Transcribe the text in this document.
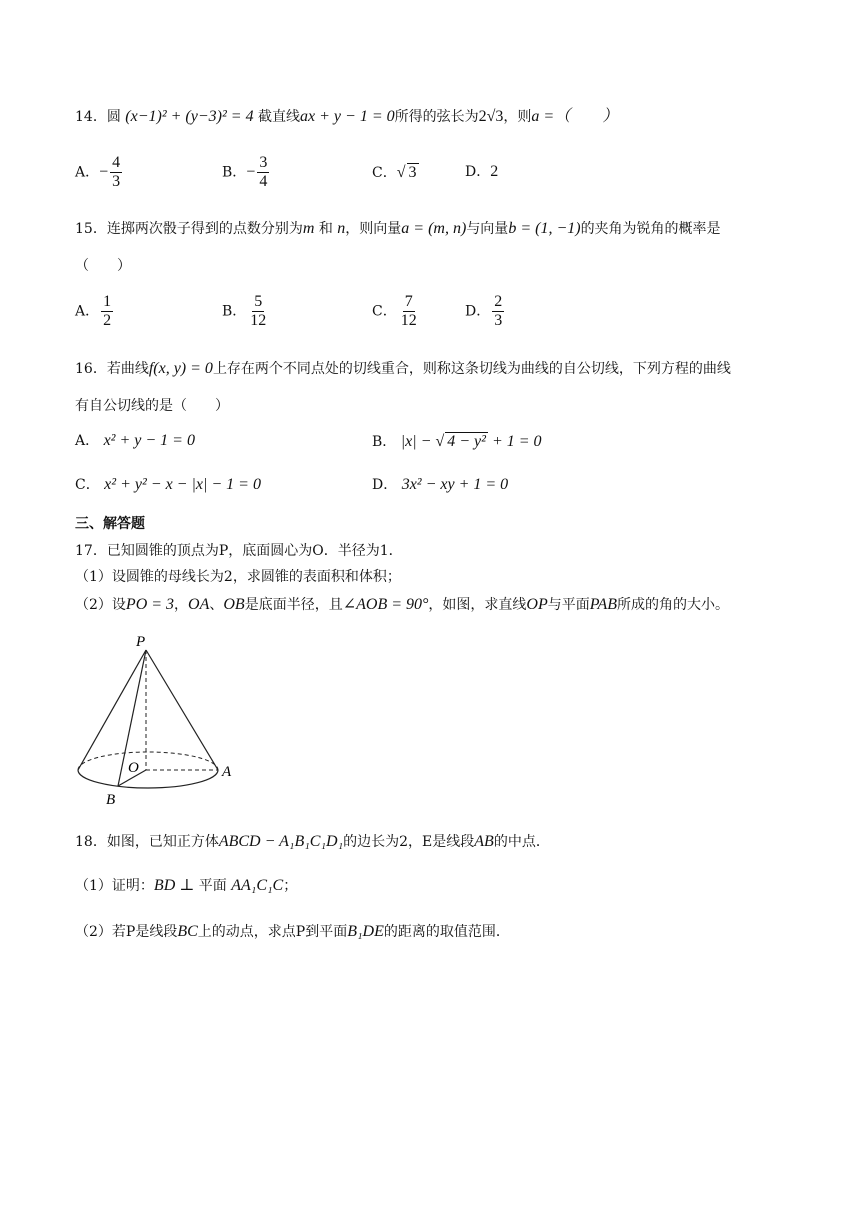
14．圆 (x−1)² + (y−3)² = 4 截直线ax + y − 1 = 0所得的弦长为2√3，则a =（　　）
A．− $\frac{4}{3}$	B．− $\frac{3}{4}$	C．√ 3	D．2
15．连掷两次骰子得到的点数分别为m 和 n，则向量a = (m, n)与向量b = (1, −1)的夹角为锐角的概率是
（　　）
A． $\frac{1}{2}$	B． $\frac{5}{12}$	C． $\frac{7}{12}$	D． $\frac{2}{3}$
16．若曲线f(x, y) = 0上存在两个不同点处的切线重合，则称这条切线为曲线的自公切线，下列方程的曲线
有自公切线的是（　　）
A． x² + y − 1 = 0	B． |x| − √ 4 − y² + 1 = 0
C． x² + y² − x − |x| − 1 = 0	D． 3x² − xy + 1 = 0
三、解答题
17．已知圆锥的顶点为P，底面圆心为O．半径为1．
（1）设圆锥的母线长为2，求圆锥的表面积和体积；
（2）设PO = 3，OA、OB是底面半径，且∠AOB = 90°，如图，求直线OP与平面PAB所成的角的大小。
P
O	A
B
18．如图，已知正方体ABCD − A₁B₁C₁D₁的边长为2，E是线段AB的中点．
（1）证明：BD ⊥ 平面 AA₁C₁C；
（2）若P是线段BC上的动点，求点P到平面B₁DE的距离的取值范围．
